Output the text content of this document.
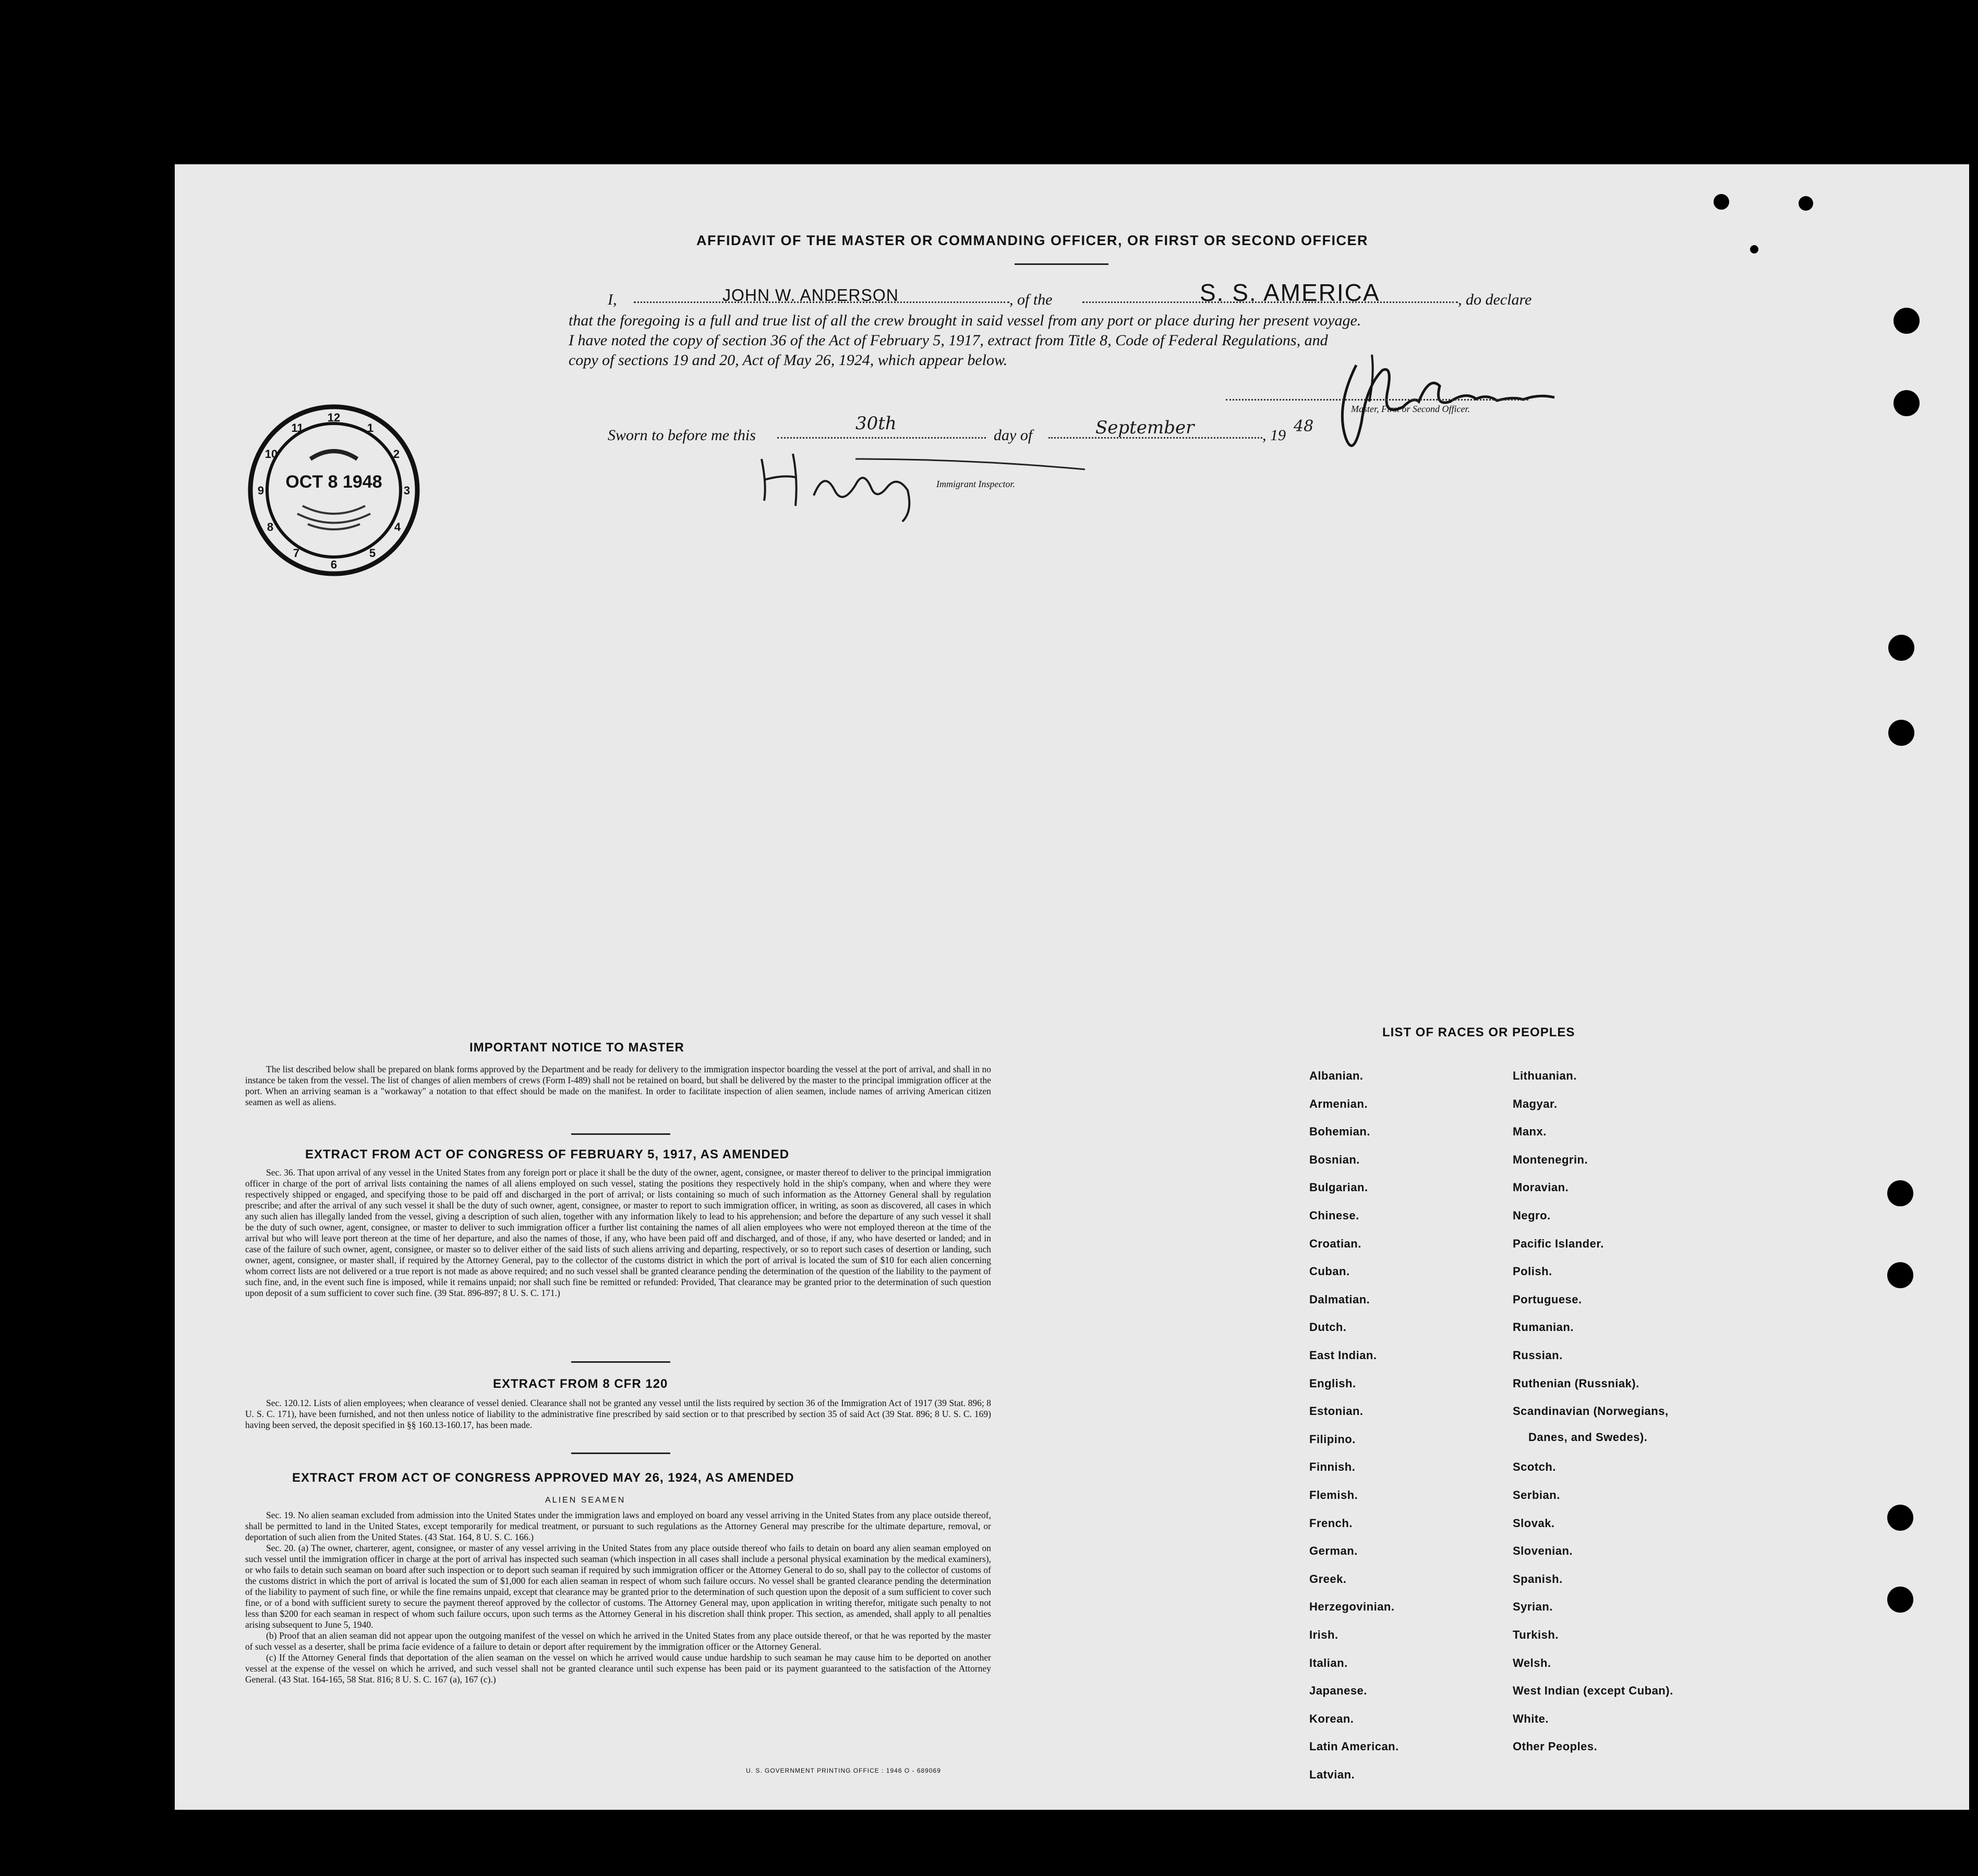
AFFIDAVIT OF THE MASTER OR COMMANDING OFFICER, OR FIRST OR SECOND OFFICER
I,	JOHN W. ANDERSON	, of the	S. S. AMERICA	, do declare
that the foregoing is a full and true list of all the crew brought in said vessel from any port or place during her present voyage.
I have noted the copy of section 36 of the Act of February 5, 1917, extract from Title 8, Code of Federal Regulations, and
copy of sections 19 and 20, Act of May 26, 1924, which appear below.
Master, First or Second Officer.
Sworn to before me this
30th
day of	September	, 19 48
Immigrant Inspector.
12
1
2
3
4
5
6
7
8
9
10
11
OCT 8 1948
IMPORTANT NOTICE TO MASTER

The list described below shall be prepared on blank forms approved by the Department and be ready for delivery to the immigration inspector boarding the vessel at the port of arrival, and shall in no instance be taken from the vessel. The list of changes of alien members of crews (Form I-489) shall not be retained on board, but shall be delivered by the master to the principal immigration officer at the port. When an arriving seaman is a "workaway" a notation to that effect should be made on the manifest. In order to facilitate inspection of alien seamen, include names of arriving American citizen seamen as well as aliens.

EXTRACT FROM ACT OF CONGRESS OF FEBRUARY 5, 1917, AS AMENDED

Sec. 36. That upon arrival of any vessel in the United States from any foreign port or place it shall be the duty of the owner, agent, consignee, or master thereof to deliver to the principal immigration officer in charge of the port of arrival lists containing the names of all aliens employed on such vessel, stating the positions they respectively hold in the ship's company, when and where they were respectively shipped or engaged, and specifying those to be paid off and discharged in the port of arrival; or lists containing so much of such information as the Attorney General shall by regulation prescribe; and after the arrival of any such vessel it shall be the duty of such owner, agent, consignee, or master to report to such immigration officer, in writing, as soon as discovered, all cases in which any such alien has illegally landed from the vessel, giving a description of such alien, together with any information likely to lead to his apprehension; and before the departure of any such vessel it shall be the duty of such owner, agent, consignee, or master to deliver to such immigration officer a further list containing the names of all alien employees who were not employed thereon at the time of the arrival but who will leave port thereon at the time of her departure, and also the names of those, if any, who have been paid off and discharged, and of those, if any, who have deserted or landed; and in case of the failure of such owner, agent, consignee, or master so to deliver either of the said lists of such aliens arriving and departing, respectively, or so to report such cases of desertion or landing, such owner, agent, consignee, or master shall, if required by the Attorney General, pay to the collector of the customs district in which the port of arrival is located the sum of $10 for each alien concerning whom correct lists are not delivered or a true report is not made as above required; and no such vessel shall be granted clearance pending the determination of the question of the liability to the payment of such fine, and, in the event such fine is imposed, while it remains unpaid; nor shall such fine be remitted or refunded: Provided, That clearance may be granted prior to the determination of such question upon deposit of a sum sufficient to cover such fine. (39 Stat. 896-897; 8 U. S. C. 171.)

EXTRACT FROM 8 CFR 120

Sec. 120.12. Lists of alien employees; when clearance of vessel denied. Clearance shall not be granted any vessel until the lists required by section 36 of the Immigration Act of 1917 (39 Stat. 896; 8 U. S. C. 171), have been furnished, and not then unless notice of liability to the administrative fine prescribed by said section or to that prescribed by section 35 of said Act (39 Stat. 896; 8 U. S. C. 169) having been served, the deposit specified in §§ 160.13-160.17, has been made.

EXTRACT FROM ACT OF CONGRESS APPROVED MAY 26, 1924, AS AMENDED
ALIEN SEAMEN

Sec. 19. No alien seaman excluded from admission into the United States under the immigration laws and employed on board any vessel arriving in the United States from any place outside thereof, shall be permitted to land in the United States, except temporarily for medical treatment, or pursuant to such regulations as the Attorney General may prescribe for the ultimate departure, removal, or deportation of such alien from the United States. (43 Stat. 164, 8 U. S. C. 166.)

Sec. 20. (a) The owner, charterer, agent, consignee, or master of any vessel arriving in the United States from any place outside thereof who fails to detain on board any alien seaman employed on such vessel until the immigration officer in charge at the port of arrival has inspected such seaman (which inspection in all cases shall include a personal physical examination by the medical examiners), or who fails to detain such seaman on board after such inspection or to deport such seaman if required by such immigration officer or the Attorney General to do so, shall pay to the collector of customs of the customs district in which the port of arrival is located the sum of $1,000 for each alien seaman in respect of whom such failure occurs. No vessel shall be granted clearance pending the determination of the liability to payment of such fine, or while the fine remains unpaid, except that clearance may be granted prior to the determination of such question upon the deposit of a sum sufficient to cover such fine, or of a bond with sufficient surety to secure the payment thereof approved by the collector of customs. The Attorney General may, upon application in writing therefor, mitigate such penalty to not less than $200 for each seaman in respect of whom such failure occurs, upon such terms as the Attorney General in his discretion shall think proper. This section, as amended, shall apply to all penalties arising subsequent to June 5, 1940.

(b) Proof that an alien seaman did not appear upon the outgoing manifest of the vessel on which he arrived in the United States from any place outside thereof, or that he was reported by the master of such vessel as a deserter, shall be prima facie evidence of a failure to detain or deport after requirement by the immigration officer or the Attorney General.

(c) If the Attorney General finds that deportation of the alien seaman on the vessel on which he arrived would cause undue hardship to such seaman he may cause him to be deported on another vessel at the expense of the vessel on which he arrived, and such vessel shall not be granted clearance until such expense has been paid or its payment guaranteed to the satisfaction of the Attorney General. (43 Stat. 164-165, 58 Stat. 816; 8 U. S. C. 167 (a), 167 (c).)

U. S. GOVERNMENT PRINTING OFFICE : 1946 O - 689069
LIST OF RACES OR PEOPLES
Albanian.
Armenian.
Bohemian.
Bosnian.
Bulgarian.
Chinese.
Croatian.
Cuban.
Dalmatian.
Dutch.
East Indian.
English.
Estonian.
Filipino.
Finnish.
Flemish.
French.
German.
Greek.
Herzegovinian.
Irish.
Italian.
Japanese.
Korean.
Latin American.
Latvian.
Lithuanian.
Magyar.
Manx.
Montenegrin.
Moravian.
Negro.
Pacific Islander.
Polish.
Portuguese.
Rumanian.
Russian.
Ruthenian (Russniak).
Scandinavian (Norwegians,
Danes, and Swedes).
Scotch.
Serbian.
Slovak.
Slovenian.
Spanish.
Syrian.
Turkish.
Welsh.
West Indian (except Cuban).
White.
Other Peoples.
